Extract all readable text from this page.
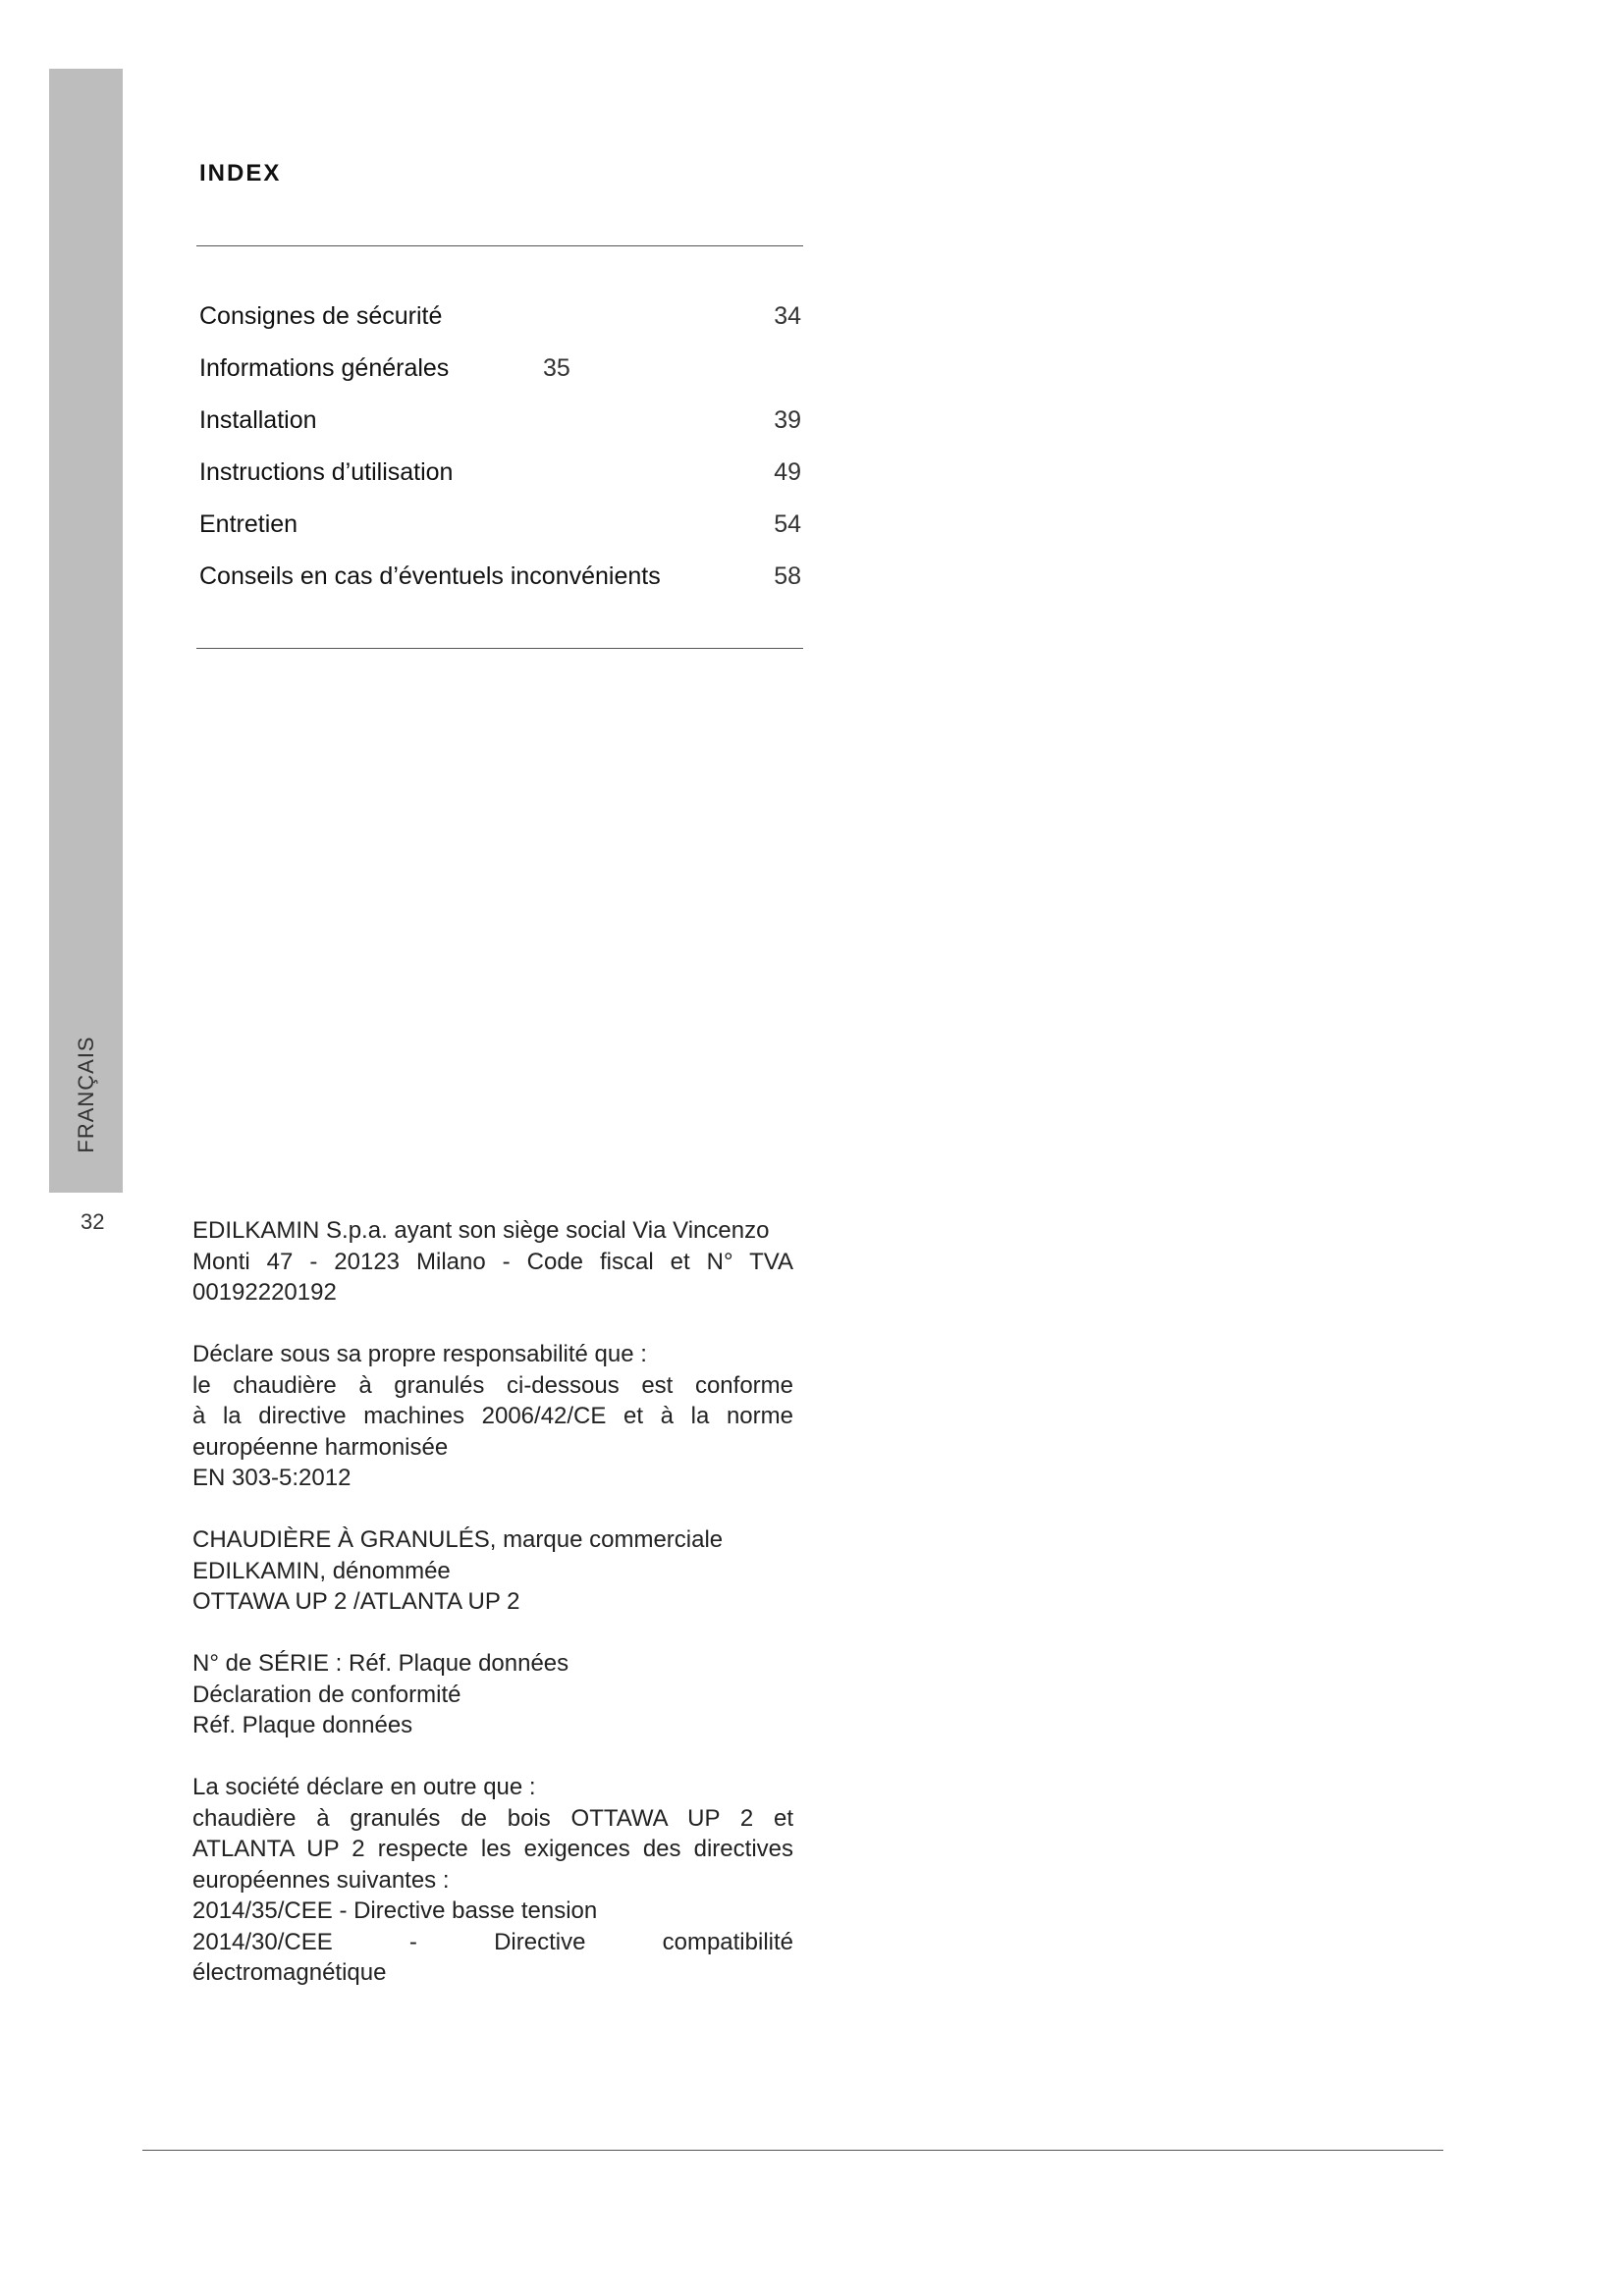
FRANÇAIS
32
INDEX
Consignes de sécurité	34
Informations générales	35
Installation	39
Instructions d’utilisation	49
Entretien	54
Conseils en cas d’éventuels inconvénients	58

EDILKAMIN S.p.a. ayant son siège social Via Vincenzo
Monti 47 - 20123 Milano - Code fiscal et N° TVA
00192220192

Déclare sous sa propre responsabilité que :
le chaudière à granulés ci-dessous est conforme
à la directive machines 2006/42/CE et à la norme
européenne harmonisée
EN 303-5:2012

CHAUDIÈRE À GRANULÉS, marque commerciale
EDILKAMIN, dénommée
OTTAWA UP 2 /ATLANTA UP 2

N° de SÉRIE : Réf. Plaque données
Déclaration de conformité
Réf. Plaque données

La société déclare en outre que :
chaudière à granulés de bois OTTAWA UP 2 et
ATLANTA UP 2 respecte les exigences des directives
européennes suivantes :
2014/35/CEE - Directive basse tension
2014/30/CEE - Directive compatibilité
électromagnétique
